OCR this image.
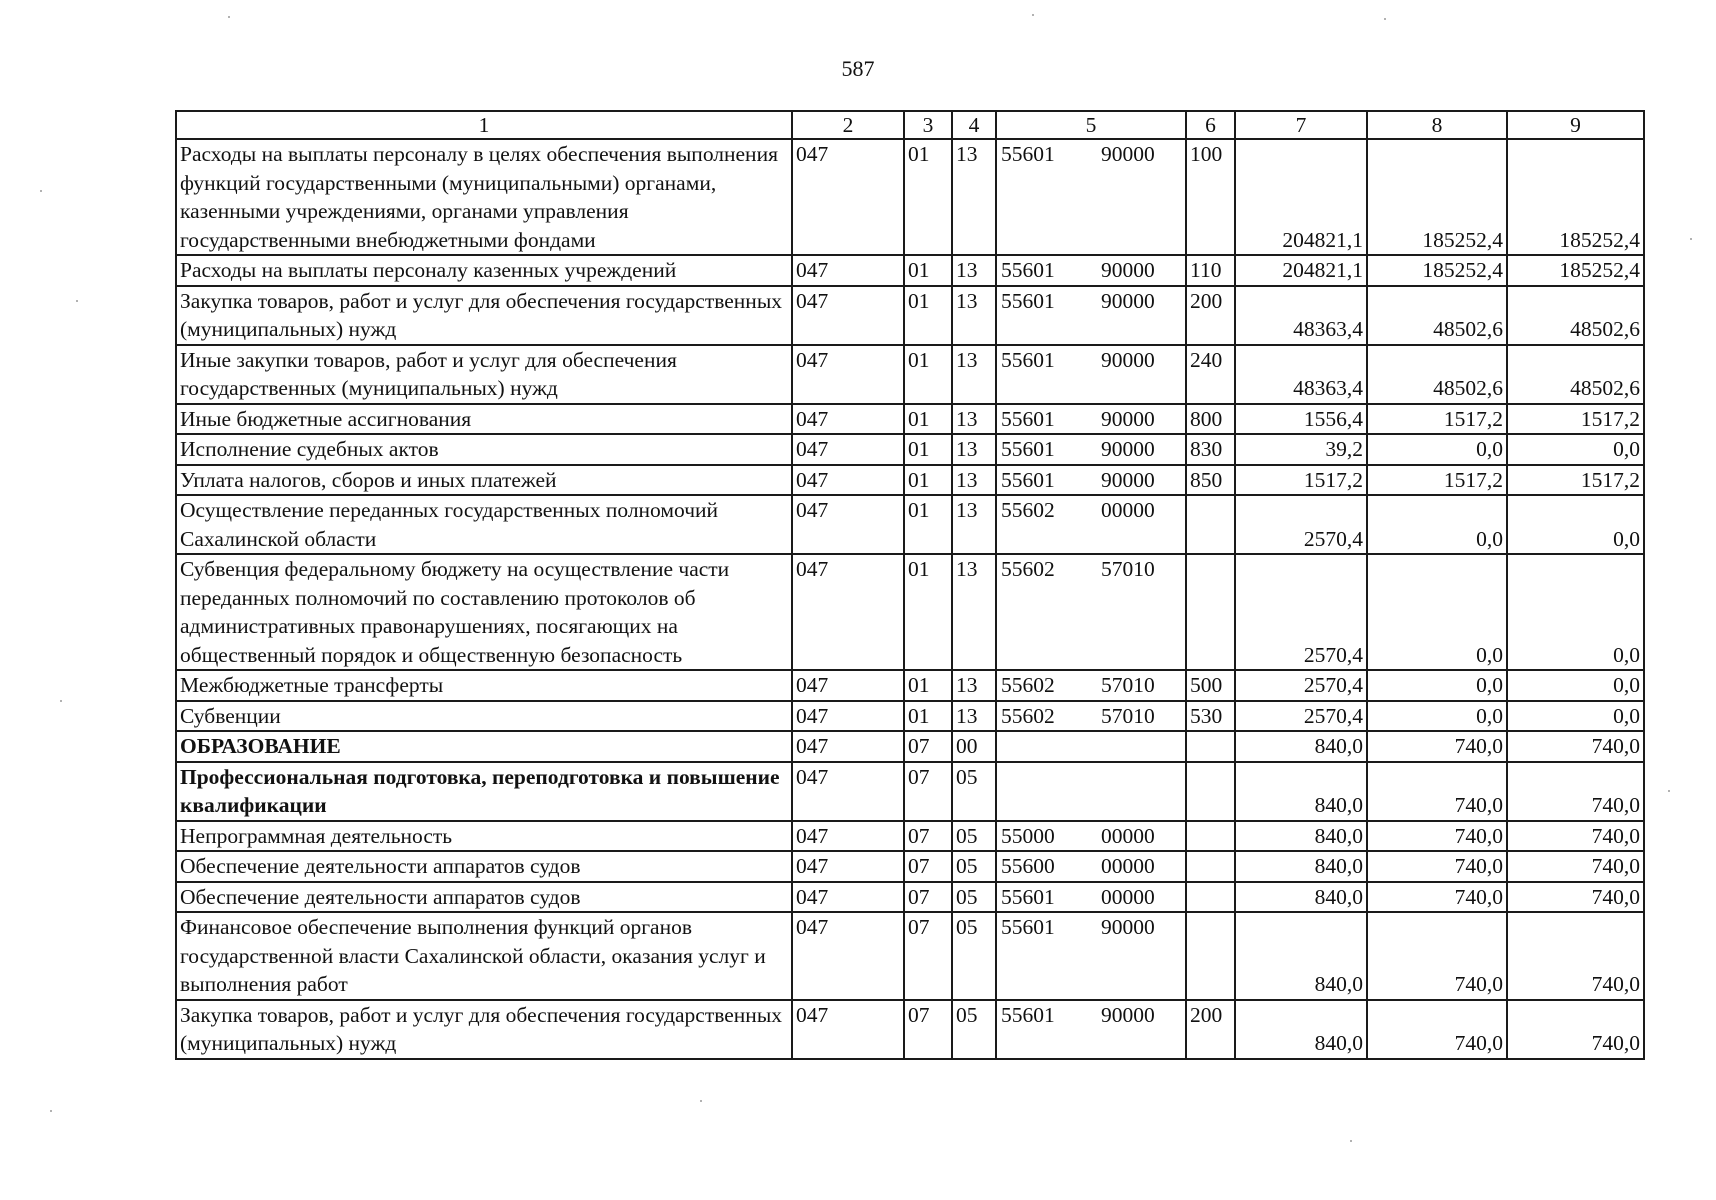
587
1	2	3	4	5	6	7	8	9
Расходы на выплаты персоналу в целях обеспечения выполнения функций государственными (муниципальными) органами, казенными учреждениями, органами управления государственными внебюджетными фондами	047	01	13	55601 90000	100	204821,1	185252,4	185252,4
Расходы на выплаты персоналу казенных учреждений	047	01	13	55601 90000	110	204821,1	185252,4	185252,4
Закупка товаров, работ и услуг для обеспечения государственных (муниципальных) нужд	047	01	13	55601 90000	200	48363,4	48502,6	48502,6
Иные закупки товаров, работ и услуг для обеспечения государственных (муниципальных) нужд	047	01	13	55601 90000	240	48363,4	48502,6	48502,6
Иные бюджетные ассигнования	047	01	13	55601 90000	800	1556,4	1517,2	1517,2
Исполнение судебных актов	047	01	13	55601 90000	830	39,2	0,0	0,0
Уплата налогов, сборов и иных платежей	047	01	13	55601 90000	850	1517,2	1517,2	1517,2
Осуществление переданных государственных полномочий Сахалинской области	047	01	13	55602 00000		2570,4	0,0	0,0
Субвенция федеральному бюджету на осуществление части переданных полномочий по составлению протоколов об административных правонарушениях, посягающих на общественный порядок и общественную безопасность	047	01	13	55602 57010		2570,4	0,0	0,0
Межбюджетные трансферты	047	01	13	55602 57010	500	2570,4	0,0	0,0
Субвенции	047	01	13	55602 57010	530	2570,4	0,0	0,0
ОБРАЗОВАНИЕ	047	07	00			840,0	740,0	740,0
Профессиональная подготовка, переподготовка и повышение квалификации	047	07	05			840,0	740,0	740,0
Непрограммная деятельность	047	07	05	55000 00000		840,0	740,0	740,0
Обеспечение деятельности аппаратов судов	047	07	05	55600 00000		840,0	740,0	740,0
Обеспечение деятельности аппаратов судов	047	07	05	55601 00000		840,0	740,0	740,0
Финансовое обеспечение выполнения функций органов государственной власти Сахалинской области, оказания услуг и выполнения работ	047	07	05	55601 90000		840,0	740,0	740,0
Закупка товаров, работ и услуг для обеспечения государственных (муниципальных) нужд	047	07	05	55601 90000	200	840,0	740,0	740,0
